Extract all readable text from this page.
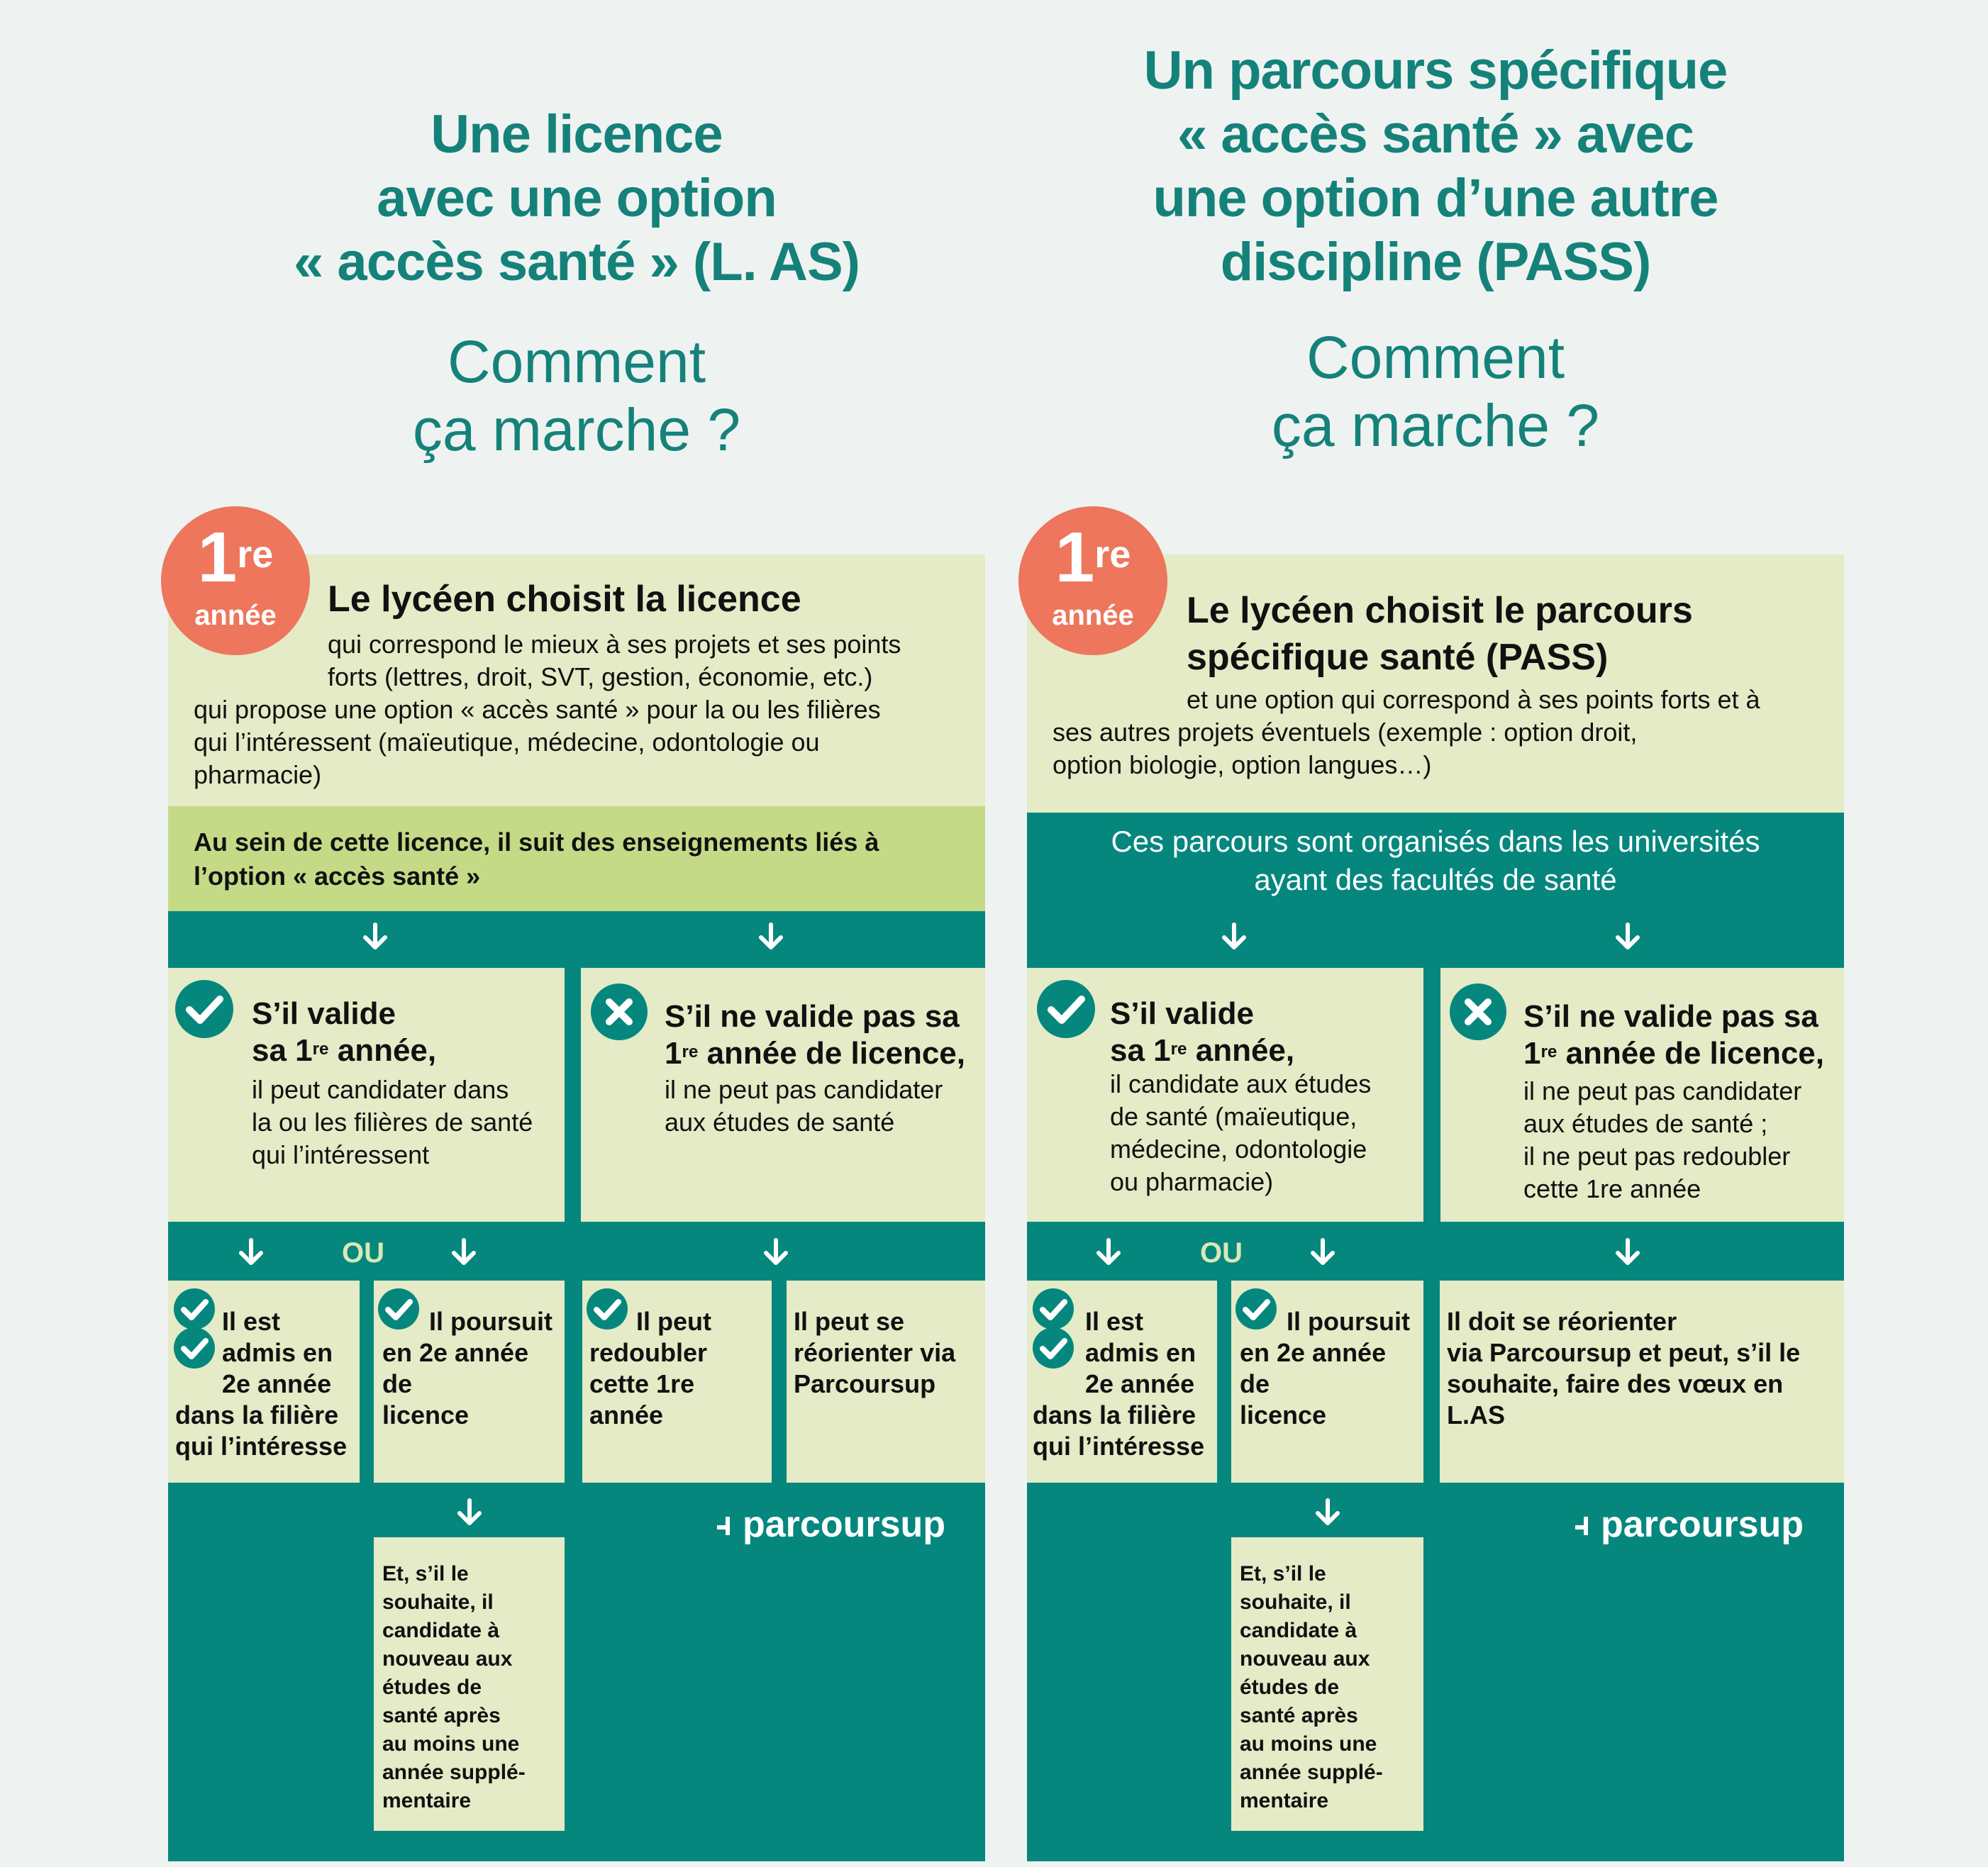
Une licence
avec une option
« accès santé » (L. AS)
Comment
ça marche ?
Le lycéen choisit la licence
qui correspond le mieux à ses projets et ses points
forts (lettres, droit, SVT, gestion, économie, etc.)
qui propose une option « accès santé » pour la ou les filières
qui l’intéressent (maïeutique, médecine, odontologie ou
pharmacie)
Au sein de cette licence, il suit des enseignements liés à
l’option « accès santé »
S’il valide
sa 1re année,
il peut candidater dans
la ou les filières de santé
qui l’intéressent
S’il ne valide pas sa
1re année de licence,
il ne peut pas candidater
aux études de santé
OU
Il est
admis en
2e année
dans la filière
qui l’intéresse
Il poursuit
en 2e année de
licence
Il peut
redoubler
cette 1re
année
Il peut se
réorienter via
Parcoursup
Et, s’il le
souhaite, il
candidate à
nouveau aux
études de
santé après
au moins une
année supplé-
mentaire
parcoursup
1re
année
Un parcours spécifique
« accès santé » avec
une option d’une autre
discipline (PASS)
Comment
ça marche ?
Le lycéen choisit le parcours
spécifique santé (PASS)
et une option qui correspond à ses points forts et à
ses autres projets éventuels (exemple : option droit,
option biologie, option langues…)
Ces parcours sont organisés dans les universités
ayant des facultés de santé
S’il valide
sa 1re année,
il candidate aux études
de santé (maïeutique,
médecine, odontologie
ou pharmacie)
S’il ne valide pas sa
1re année de licence,
il ne peut pas candidater
aux études de santé ;
il ne peut pas redoubler
cette 1re année
OU
Il est
admis en
2e année
dans la filière
qui l’intéresse
Il poursuit
en 2e année de
licence
Il doit se réorienter
via Parcoursup et peut, s’il le
souhaite, faire des vœux en
L.AS
Et, s’il le
souhaite, il
candidate à
nouveau aux
études de
santé après
au moins une
année supplé-
mentaire
parcoursup
1re
année
